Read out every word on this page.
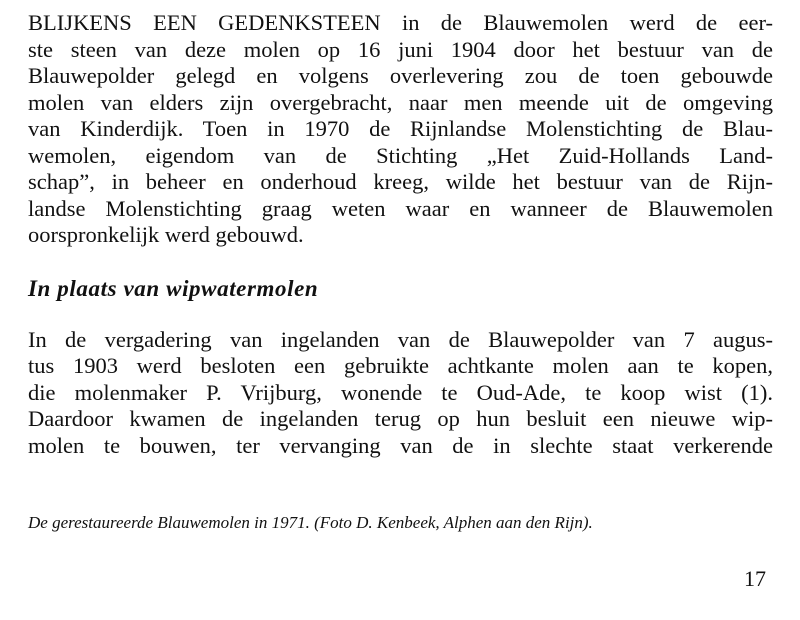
BLIJKENS EEN GEDENKSTEEN in de Blauwemolen werd de eer-
ste steen van deze molen op 16 juni 1904 door het bestuur van de
Blauwepolder gelegd en volgens overlevering zou de toen gebouwde
molen van elders zijn overgebracht, naar men meende uit de omgeving
van Kinderdijk. Toen in 1970 de Rijnlandse Molenstichting de Blau-
wemolen, eigendom van de Stichting „Het Zuid-Hollands Land-
schap”, in beheer en onderhoud kreeg, wilde het bestuur van de Rijn-
landse Molenstichting graag weten waar en wanneer de Blauwemolen
oorspronkelijk werd gebouwd.

In plaats van wipwatermolen

In de vergadering van ingelanden van de Blauwepolder van 7 augus-
tus 1903 werd besloten een gebruikte achtkante molen aan te kopen,
die molenmaker P. Vrijburg, wonende te Oud-Ade, te koop wist (1).
Daardoor kwamen de ingelanden terug op hun besluit een nieuwe wip-
molen te bouwen, ter vervanging van de in slechte staat verkerende

De gerestaureerde Blauwemolen in 1971. (Foto D. Kenbeek, Alphen aan den Rijn).

17
